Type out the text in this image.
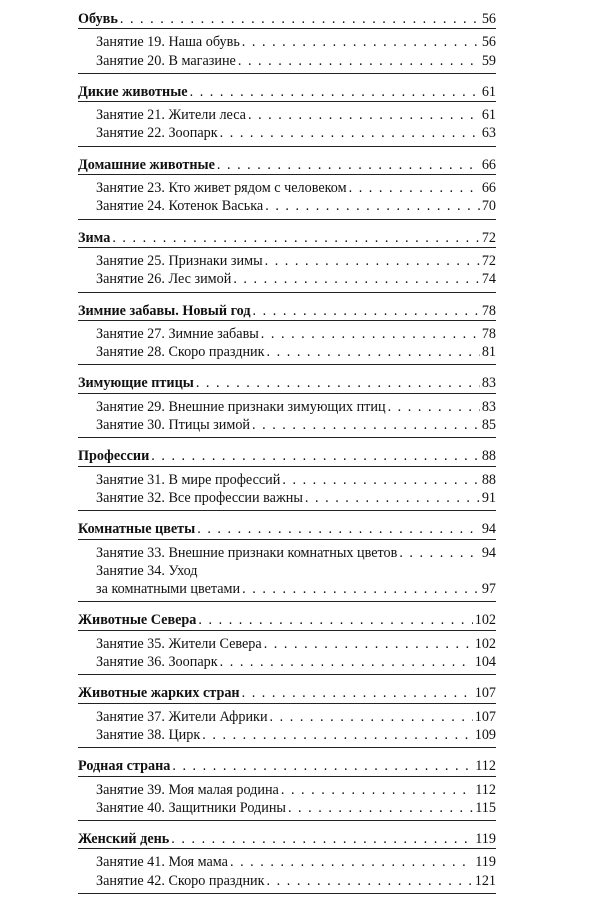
Обувь . . .	56
Занятие 19. Наша обувь . . .	56
Занятие 20. В магазине . . .	59
Дикие животные . . .	61
Занятие 21. Жители леса . . .	61
Занятие 22. Зоопарк . . .	63
Домашние животные . . .	66
Занятие 23. Кто живет рядом с человеком . . .	66
Занятие 24. Котенок Васька . . .	70
Зима . . .	72
Занятие 25. Признаки зимы . . .	72
Занятие 26. Лес зимой . . .	74
Зимние забавы. Новый год . . .	78
Занятие 27. Зимние забавы . . .	78
Занятие 28. Скоро праздник . . .	81
Зимующие птицы . . .	83
Занятие 29. Внешние признаки зимующих птиц . . .	83
Занятие 30. Птицы зимой . . .	85
Профессии . . .	88
Занятие 31. В мире профессий . . .	88
Занятие 32. Все профессии важны . . .	91
Комнатные цветы . . .	94
Занятие 33. Внешние признаки комнатных цветов . . .	94
Занятие 34. Уход
за комнатными цветами . . .	97
Животные Севера . . .	102
Занятие 35. Жители Севера . . .	102
Занятие 36. Зоопарк . . .	104
Животные жарких стран . . .	107
Занятие 37. Жители Африки . . .	107
Занятие 38. Цирк . . .	109
Родная страна . . .	112
Занятие 39. Моя малая родина . . .	112
Занятие 40. Защитники Родины . . .	115
Женский день . . .	119
Занятие 41. Моя мама . . .	119
Занятие 42. Скоро праздник . . .	121
